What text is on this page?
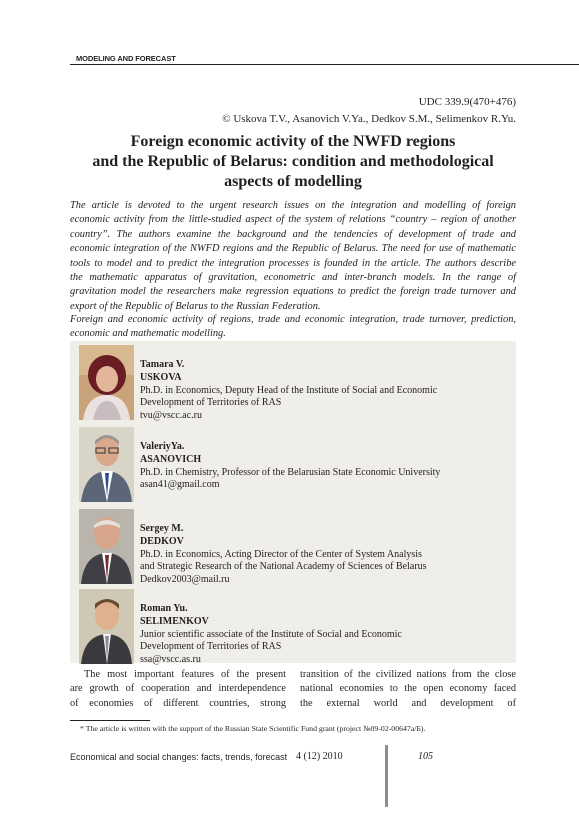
MODELING AND FORECAST
UDC 339.9(470+476)
© Uskova T.V., Asanovich V.Ya., Dedkov S.M., Selimenkov R.Yu.
Foreign economic activity of the NWFD regions
and the Republic of Belarus: condition and methodological
aspects of modelling
The article is devoted to the urgent research issues on the integration and modelling of foreign
economic activity from the little-studied aspect of the system of relations “country – region of another
country”. The authors examine the background and the tendencies of development of trade and
economic integration of the NWFD regions and the Republic of Belarus. The need for use of mathematic
tools to model and to predict the integration processes is founded in the article. The authors describe
the mathematic apparatus of gravitation, econometric and inter-branch models. In the range of
gravitation model the researchers make regression equations to predict the foreign trade turnover and
export of the Republic of Belarus to the Russian Federation.
Foreign and economic activity of regions, trade and economic integration, trade turnover, prediction,
economic and mathematic modelling.
Tamara V.
USKOVA
Ph.D. in Economics, Deputy Head of the Institute of Social and Economic
Development of Territories of RAS
tvu@vscc.ac.ru
ValeriyYa.
ASANOVICH
Ph.D. in Chemistry, Professor of the Belarusian State Economic University
asan41@gmail.com
Sergey M.
DEDKOV
Ph.D. in Economics, Acting Director of the Center of System Analysis
and Strategic Research of the National Academy of Sciences of Belarus
Dedkov2003@mail.ru
Roman Yu.
SELIMENKOV
Junior scientific associate of the Institute of Social and Economic
Development of Territories of RAS
ssa@vscc.as.ru
The most important features of the present
are growth of cooperation and interdependence
of economies of different countries, strong
transition of the civilized nations from the close
national economies to the open economy faced
the external world and development of
* The article is written with the support of the Russian State Scientific Fund grant (project №09-02-00647а/Б).
Economical and social changes: facts, trends, forecast 4 (12) 2010	105
